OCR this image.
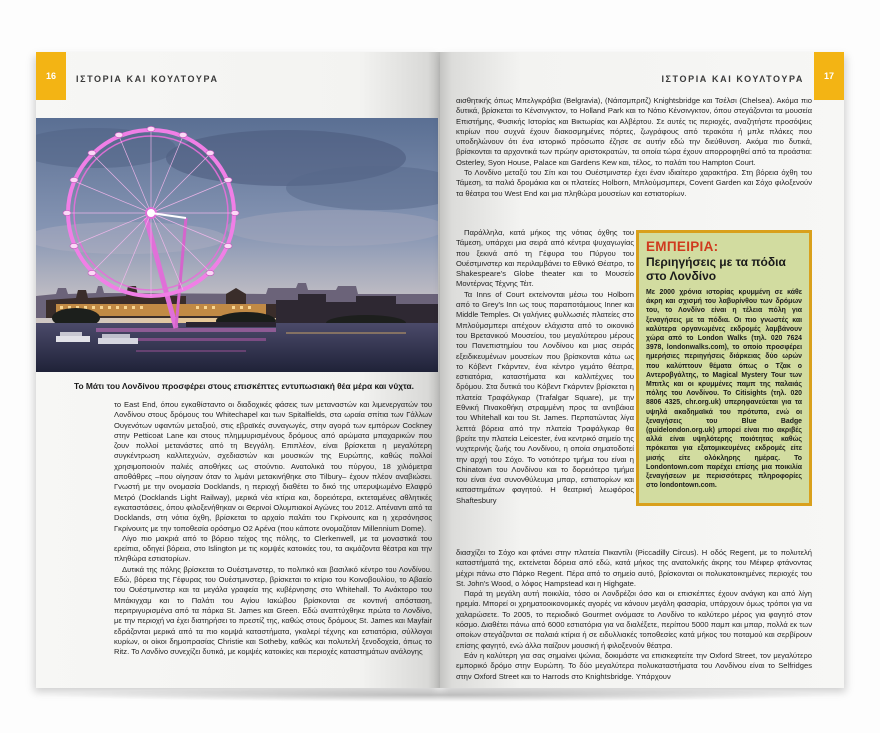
16	ΙΣΤΟΡΙΑ ΚΑΙ ΚΟΥΛΤΟΥΡΑ
Το Μάτι του Λονδίνου προσφέρει στους επισκέπτες εντυπωσιακή θέα μέρα και νύχτα.

το East End, όπου εγκαθίσταντο οι διαδοχικές φάσεις των μεταναστών και λιμενεργατών του Λονδίνου στους δρόμους του Whitechapel και των Spitalfields, στα ωραία σπίτια των Γάλλων Ουγενότων υφαντών μεταξιού, στις εβραϊκές συναγωγές, στην αγορά των εμπόρων Cockney στην Petticoat Lane και στους πλημμυρισμένους δρόμους από αρώματα μπαχαρικών που ζουν πολλοί μετανάστες από τη Βεγγάλη. Επιπλέον, είναι βρίσκεται η μεγαλύτερη συγκέντρωση καλλιτεχνών, σχεδιαστών και μουσικών της Ευρώπης, καθώς πολλοί χρησιμοποιούν παλιές αποθήκες ως στούντιο. Ανατολικά του πύργου, 18 χιλιόμετρα αποθάθρες –που οίγησαν όταν το λιμάνι μετακινήθηκε στο Tilbury– έχουν πλέον αναβιώσει. Γνωστή με την ονομασία Docklands, η περιοχή διαθέτει το δικό της υπερυψωμένο Ελαφρύ Μετρό (Docklands Light Railway), μερικά νέα κτίρια και, δορειότερα, εκτεταμένες αθλητικές εγκαταστάσεις, όπου φιλοξενήθηκαν οι Θερινοί Ολυμπιακοί Αγώνες του 2012. Απέναντι από τα Docklands, στη νότια όχθη, βρίσκεται το αρχαίο παλάτι του Γκρίνουιτς και η χερσόνησος Γκρίνουιτς με την τοποθεσία ορόσημο Ο2 Αρένα (που κάποτε ονομαζόταν Millennium Dome).

Λίγο πιο μακριά από το βόρειο τείχος της πόλης, το Clerkenwell, με τα μοναστικά του ερείπια, οδηγεί βόρεια, στο Islington με τις κομψές κατοικίες του, τα ακμάζοντα θέατρα και την πληθώρα εστιατορίων.

Δυτικά της πόλης βρίσκεται το Ουέστμινστερ, το πολιτικό και βασιλικό κέντρο του Λονδίνου. Εδώ, βόρεια της Γέφυρας του Ουέστμινστερ, βρίσκεται το κτίριο του Κοινοβουλίου, το Αβαείο του Ουέστμινστερ και τα μεγάλα γραφεία της κυβέρνησης στο Whitehall. Το Ανάκτορο του Μπάκιγχαμ και το Παλάτι του Αγίου Ιακώβου βρίσκονται σε κοντινή απόσταση, περιτριγυρισμένα από τα πάρκα St. James και Green. Εδώ αναπτύχθηκε πρώτα το Λονδίνο, με την περιοχή να έχει διατηρήσει το πρεστίζ της, καθώς στους δρόμους St. James και Mayfair εδράζονται μερικά από τα πιο κομψά καταστήματα, γκαλερί τέχνης και εστιατόρια, σύλλογοι κυρίων, οι οίκοι δημοπρασίας Christie και Sotheby, καθώς και πολυτελή ξενοδοχεία, όπως το Ritz. Το Λονδίνο συνεχίζει δυτικά, με κομψές κατοικίες και περιοχές καταστημάτων ανάλογης

17
ΙΣΤΟΡΙΑ ΚΑΙ ΚΟΥΛΤΟΥΡΑ

αισθητικής όπως Μπελγκράβια (Belgravia), (Νάιτσμπριτζ) Knightsbridge και Τσέλσι (Chelsea). Ακόμα πιο δυτικά, βρίσκεται το Κένσινγκτον, το Holland Park και το Νότιο Κένσινγκτον, όπου στεγάζονται τα μουσεία Επιστήμης, Φυσικής Ιστορίας και Βικτωρίας και Αλβέρτου. Σε αυτές τις περιοχές, αναζητήστε προσόψεις κτιρίων που συχνά έχουν διακοσμημένες πόρτες, ζωγράφους από τερακότα ή μπλε πλάκες που υποδηλώνουν ότι ένα ιστορικό πρόσωπο έζησε σε αυτήν εδώ την διεύθυνση. Ακόμα πιο δυτικά, βρίσκονται τα αρχοντικά των πρώην αριστοκρατών, τα οποία τώρα έχουν απορροφηθεί από τα προάστια: Osterley, Syon House, Palace και Gardens Kew και, τέλος, το παλάτι του Hampton Court.

Το Λονδίνο μεταξύ του Σίτι και του Ουέστμινστερ έχει έναν ιδιαίτερο χαρακτήρα. Στη βόρεια όχθη του Τάμεση, τα παλιά δρομάκια και οι πλατείες Holborn, Μπλούμσμπερι, Covent Garden και Σόχο φιλοξενούν τα θέατρα του West End και μια πληθώρα μουσείων και εστιατορίων.

Παράλληλα, κατά μήκος της νότιας όχθης του Τάμεση, υπάρχει μια σειρά από κέντρα ψυχαγωγίας που ξεκινά από τη Γέφυρα του Πύργου του Ουέστμινστερ και περιλαμβάνει το Εθνικό Θέατρο, το Shakespeare's Globe theater και το Μουσείο Μοντέρνας Τέχνης Τέιτ.

Τα Inns of Court εκτείνονται μέσω του Holborn από το Grey's Inn ως τους παραποτάμιους Inner και Middle Temples. Οι γαλήνιες φυλλωσιές πλατείες στο Μπλούμσμπερι απέχουν ελάχιστα από το οικονικό του Βρετανικού Μουσείου, του μεγαλύτερου μέρους του Πανεπιστημίου του Λονδίνου και μιας σειράς εξειδικευμένων μουσείων που βρίσκονται κάτω ως το Κόβεντ Γκάρντεν, ένα κέντρο γεμάτο θέατρα, εστιατόρια, καταστήματα και καλλιτέχνες του δρόμου. Στα δυτικά του Κόβεντ Γκάρντεν βρίσκεται η πλατεία Τραφάλγκαρ (Trafalgar Square), με την Εθνική Πινακοθήκη στραμμένη προς τα αντιβάκια του Whitehall και του St. James. Περπατώντας λίγα λεπτά βόρεια από την πλατεία Τραφάλγκαρ θα βρείτε την πλατεία Leicester, ένα κεντρικό σημείο της νυχτερινής ζωής του Λονδίνου, η οποία σηματοδοτεί την αρχή του Σόχο. Το νοτιότερο τμήμα του είναι η Chinatown του Λονδίνου και το δορειότερο τμήμα του είναι ένα συνονθύλευμα μπαρ, εστιατορίων και καταστημάτων φαγητού. Η θεατρική λεωφόρος Shaftesbury

ΕΜΠΕΙΡΙΑ:
Περιηγήσεις με τα πόδια στο Λονδίνο
Με 2000 χρόνια ιστορίας κρυμμένη σε κάθε άκρη και σχισμή του λαβυρίνθου των δρόμων του, το Λονδίνο είναι η τέλεια πόλη για ξεναγήσεις με τα πόδια. Οι πιο γνωστές και καλύτερα οργανωμένες εκδρομές λαμβάνουν χώρα από το London Walks (τηλ. 020 7624 3978, londonwalks.com), το οποίο προσφέρει ημερήσιες περιηγήσεις διάρκειας δύο ωρών που καλύπτουν θέματα όπως ο Τζακ ο Αντεροβγάλτης, το Magical Mystery Tour των Μπιτλς και οι κρυμμένες παμπ της παλαιάς πόλης του Λονδίνου. Το Citisights (τηλ. 020 8806 4325, chr.org.uk) υπερηφανεύεται για τα υψηλά ακαδημαϊκά του πρότυπα, ενώ οι ξεναγήσεις του Blue Badge (guidelondon.org.uk) μπορεί είναι πιο ακριβές αλλά είναι υψηλότερης ποιότητας καθώς πρόκειται για εξατομικευμένες εκδρομές είτε μισής είτε ολόκληρης ημέρας. Το Londontown.com παρέχει επίσης μια ποικιλία ξεναγήσεων με περισσότερες πληροφορίες στο londontown.com.

διασχίζει το Σόχο και φτάνει στην πλατεία Πικαντίλι (Piccadilly Circus). Η οδός Regent, με το πολυτελή καταστήματά της, εκτείνεται δόρεια από εδώ, κατά μήκος της ανατολικής άκρης του Μέιφερ φτάνοντας μέχρι πάνω στο Πάρκο Regent. Πέρα από το σημείο αυτό, βρίσκονται οι πολυκατοικημένες περιοχές του St. John's Wood, ο λόφος Hampstead και η Highgate.

Παρά τη μεγάλη αυτή ποικιλία, τόσο οι Λονδρέζοι όσο και οι επισκέπτες έχουν ανάγκη και από λίγη ηρεμία. Μπορεί οι χρηματοοικονομικές αγορές να κάνουν μεγάλη φασαρία, υπάρχουν όμως τρόποι για να χαλαρώσετε. Το 2005, το περιοδικό Gourmet ονόμασε το Λονδίνο το καλύτερο μέρος για φαγητό στον κόσμο. Διαθέτει πάνω από 6000 εστιατόρια για να διαλέξετε, περίπου 5000 παμπ και μπαρ, πολλά εκ των οποίων στεγάζονται σε παλαιά κτίρια ή σε ειδυλλιακές τοποθεσίες κατά μήκος του ποταμού και σερβίρουν επίσης φαγητό, ενώ άλλα παίζουν μουσική ή φιλοξενούν θέατρα.

Εάν η καλύτερη για σας σημαίνει ψώνια, δοκιμάστε να επισκεφτείτε την Oxford Street, τον μεγαλύτερο εμπορικό δρόμο στην Ευρώπη. Το δύο μεγαλύτερα πολυκαταστήματα του Λονδίνου είναι το Selfridges στην Oxford Street και το Harrods στο Knightsbridge. Υπάρχουν
